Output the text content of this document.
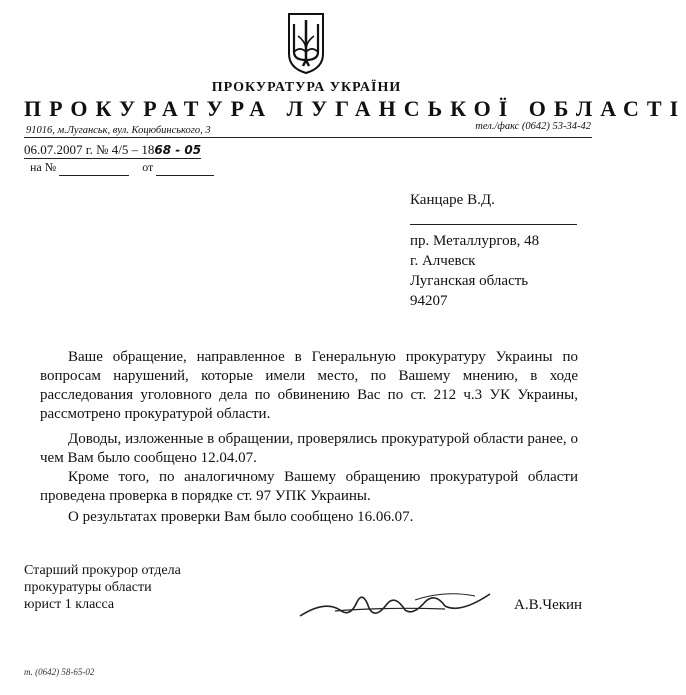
ПРОКУРАТУРА УКРАЇНИ
ПРОКУРАТУРА ЛУГАНСЬКОЇ ОБЛАСТІ
91016, м.Луганськ, вул. Коцюбинського, 3	тел./факс (0642) 53-34-42
06.07.2007 г. № 4/5 – 1868 - 05
на №	от
Канцаре В.Д.
пр. Металлургов, 48
г. Алчевск
Луганская область
94207

Ваше обращение, направленное в Генеральную прокуратуру Украины по вопросам нарушений, которые имели место, по Вашему мнению, в ходе расследования уголовного дела по обвинению Вас по ст. 212 ч.3 УК Украины, рассмотрено прокуратурой области.

Доводы, изложенные в обращении, проверялись прокуратурой области ранее, о чем Вам было сообщено 12.04.07.

Кроме того, по аналогичному Вашему обращению прокуратурой области проведена проверка в порядке ст. 97 УПК Украины.

О результатах проверки Вам было сообщено 16.06.07.

Старший прокурор отдела
прокуратуры области
юрист 1 класса	А.В.Чекин
т. (0642) 58-65-02
